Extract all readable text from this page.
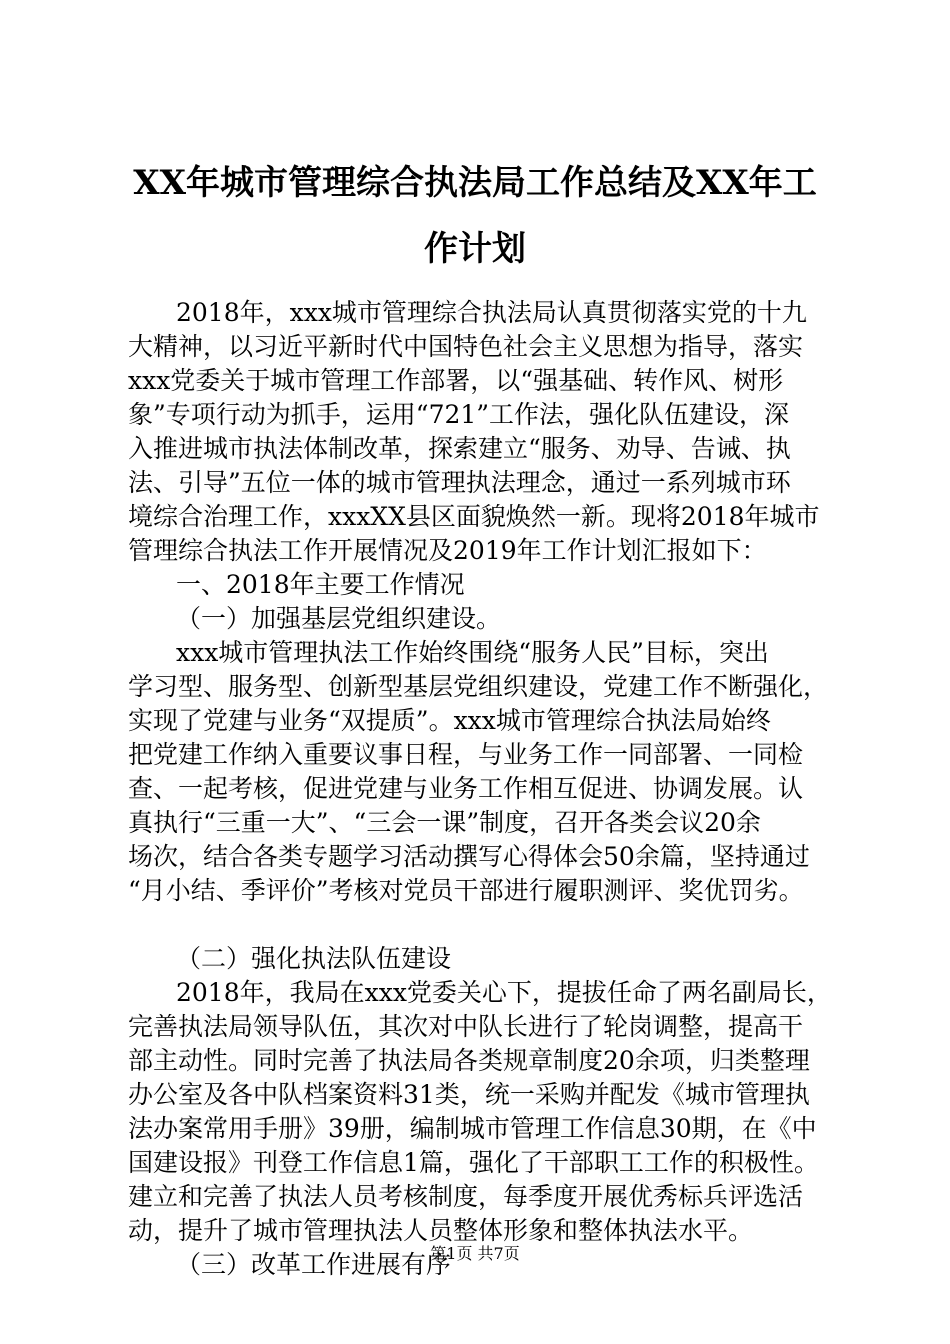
XX年城市管理综合执法局工作总结及XX年工
作计划
2018年，xxx城市管理综合执法局认真贯彻落实党的十九
大精神，以习近平新时代中国特色社会主义思想为指导，落实
xxx党委关于城市管理工作部署，以“强基础、转作风、树形
象”专项行动为抓手，运用“721”工作法，强化队伍建设，深
入推进城市执法体制改革，探索建立“服务、劝导、告诫、执
法、引导”五位一体的城市管理执法理念，通过一系列城市环
境综合治理工作，xxxXX县区面貌焕然一新。现将2018年城市
管理综合执法工作开展情况及2019年工作计划汇报如下：
一、2018年主要工作情况
（一）加强基层党组织建设。
xxx城市管理执法工作始终围绕“服务人民”目标，突出
学习型、服务型、创新型基层党组织建设，党建工作不断强化，
实现了党建与业务“双提质”。xxx城市管理综合执法局始终
把党建工作纳入重要议事日程，与业务工作一同部署、一同检
查、一起考核，促进党建与业务工作相互促进、协调发展。认
真执行“三重一大”、“三会一课”制度，召开各类会议20余
场次，结合各类专题学习活动撰写心得体会50余篇，坚持通过
“月小结、季评价”考核对党员干部进行履职测评、奖优罚劣。
（二）强化执法队伍建设
2018年，我局在xxx党委关心下，提拔任命了两名副局长，
完善执法局领导队伍，其次对中队长进行了轮岗调整，提高干
部主动性。同时完善了执法局各类规章制度20余项，归类整理
办公室及各中队档案资料31类，统一采购并配发《城市管理执
法办案常用手册》39册，编制城市管理工作信息30期，在《中
国建设报》刊登工作信息1篇，强化了干部职工工作的积极性。
建立和完善了执法人员考核制度，每季度开展优秀标兵评选活
动，提升了城市管理执法人员整体形象和整体执法水平。
（三）改革工作进展有序
第1页 共7页
